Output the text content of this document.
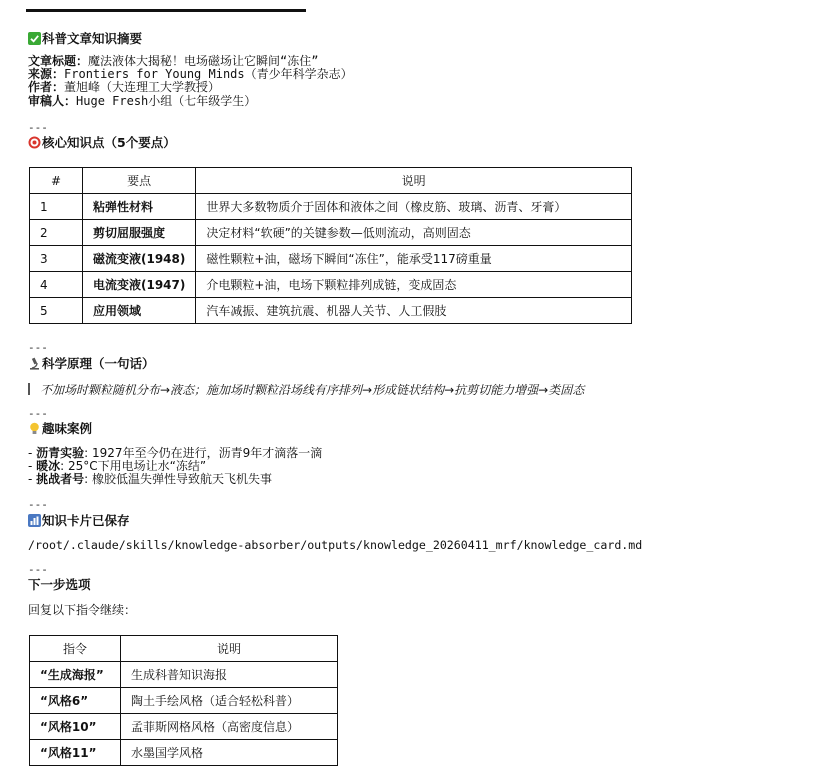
科普文章知识摘要
文章标题：魔法液体大揭秘！电场磁场让它瞬间“冻住”
来源：Frontiers for Young Minds（青少年科学杂志）
作者：董旭峰（大连理工大学教授）
审稿人：Huge Fresh小组（七年级学生）
---
核心知识点（5个要点）
#	要点	说明
1	粘弹性材料	世界大多数物质介于固体和液体之间（橡皮筋、玻璃、沥青、牙膏）
2	剪切屈服强度	决定材料“软硬”的关键参数—低则流动，高则固态
3	磁流变液(1948)	磁性颗粒+油，磁场下瞬间“冻住”，能承受117磅重量
4	电流变液(1947)	介电颗粒+油，电场下颗粒排列成链，变成固态
5	应用领域	汽车减振、建筑抗震、机器人关节、人工假肢
---
科学原理（一句话）
不加场时颗粒随机分布→液态；施加场时颗粒沿场线有序排列→形成链状结构→抗剪切能力增强→类固态
---
趣味案例
- 沥青实验: 1927年至今仍在进行，沥青9年才滴落一滴
- 暖冰: 25°C下用电场让水“冻结”
- 挑战者号: 橡胶低温失弹性导致航天飞机失事
---
知识卡片已保存
/root/.claude/skills/knowledge-absorber/outputs/knowledge_20260411_mrf/knowledge_card.md
---
下一步选项
回复以下指令继续：
指令	说明
“生成海报”	生成科普知识海报
“风格6”	陶土手绘风格（适合轻松科普）
“风格10”	孟菲斯网格风格（高密度信息）
“风格11”	水墨国学风格
